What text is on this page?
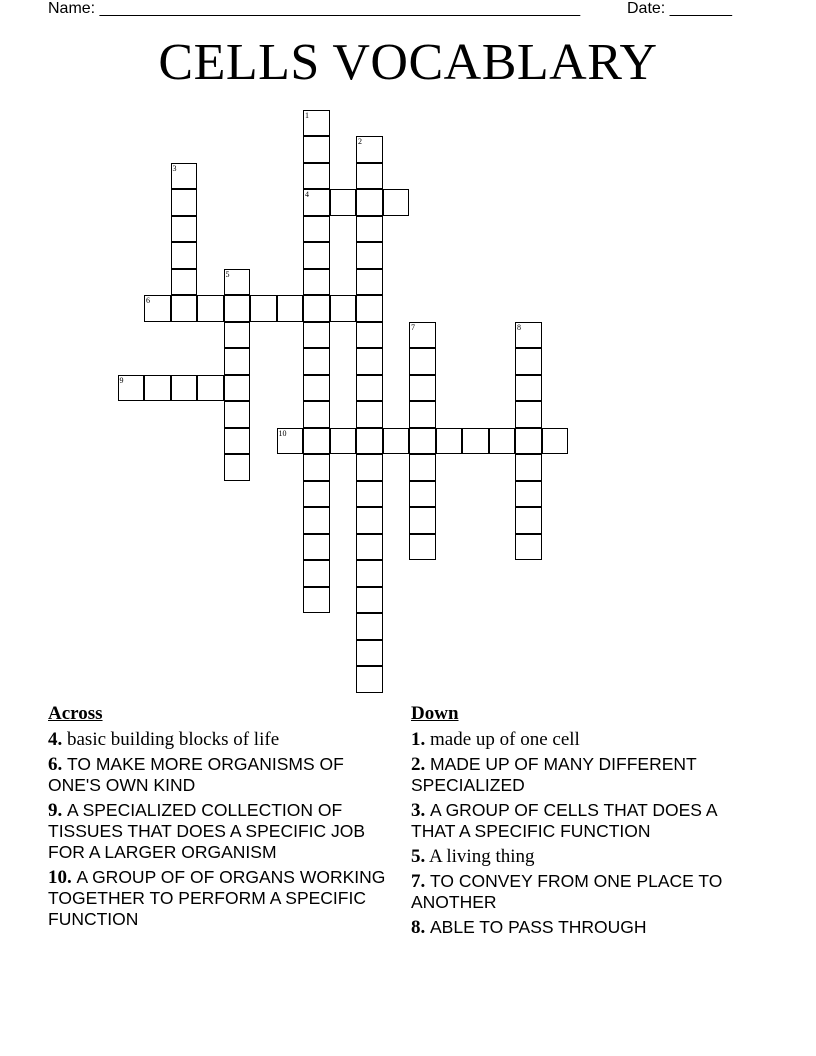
Name: ______________________________________________________	Date: _______
CELLS VOCABLARY
1
4
2
3
5
6
7	8
9
10
Across
4. basic building blocks of life
6. TO MAKE MORE ORGANISMS OF ONE'S OWN KIND
9. A SPECIALIZED COLLECTION OF TISSUES THAT DOES A SPECIFIC JOB FOR A LARGER ORGANISM
10. A GROUP OF OF ORGANS WORKING TOGETHER TO PERFORM A SPECIFIC FUNCTION
Down
1. made up of one cell
2. MADE UP OF MANY DIFFERENT SPECIALIZED
3. A GROUP OF CELLS THAT DOES A THAT A SPECIFIC FUNCTION
5. A living thing
7. TO CONVEY FROM ONE PLACE TO ANOTHER
8. ABLE TO PASS THROUGH
